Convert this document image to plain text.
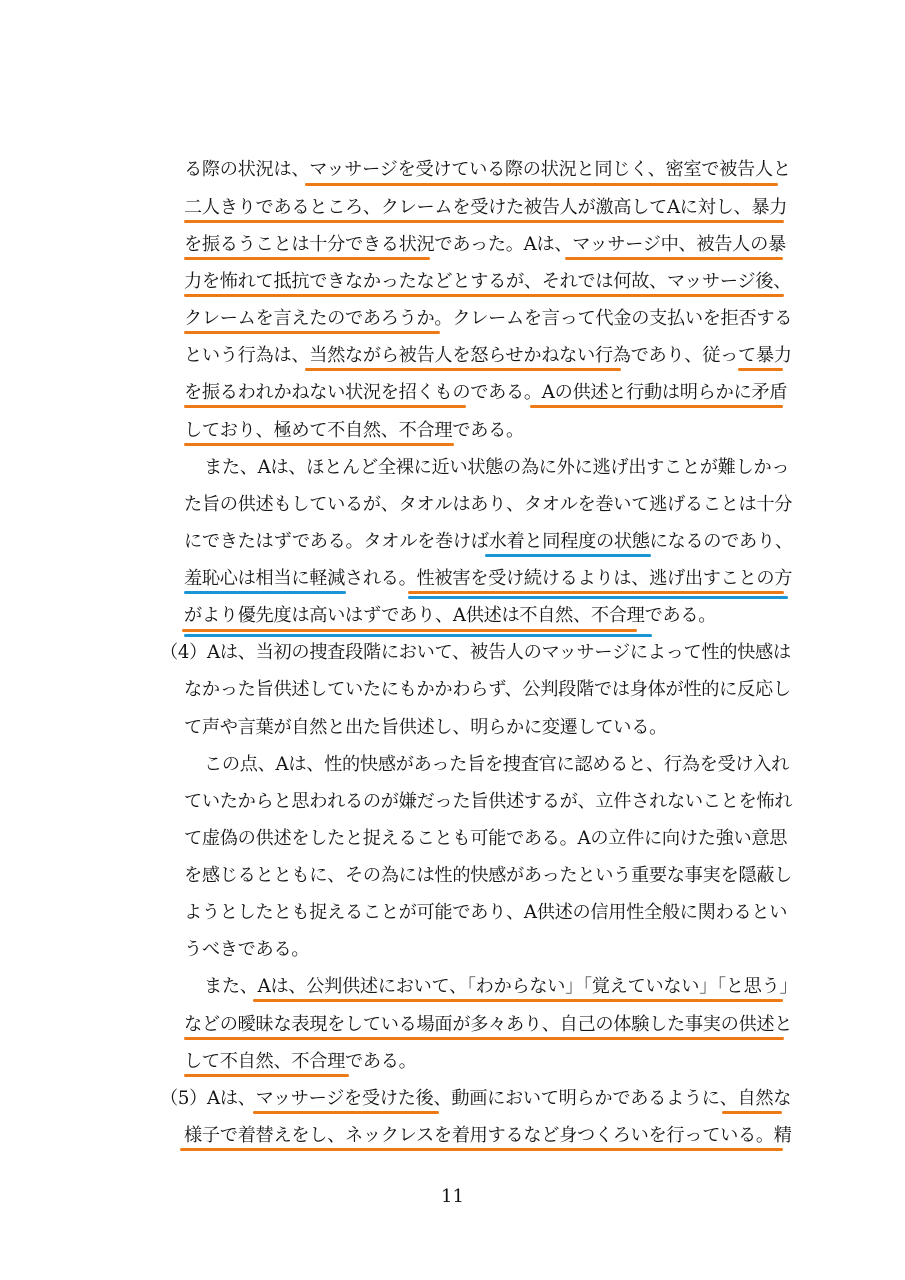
る際の状況は、マッサージを受けている際の状況と同じく、密室で被告人と
二人きりであるところ、クレームを受けた被告人が激高してAに対し、暴力
を振るうことは十分できる状況であった。Aは、マッサージ中、被告人の暴
力を怖れて抵抗できなかったなどとするが、それでは何故、マッサージ後、
クレームを言えたのであろうか。クレームを言って代金の支払いを拒否する
という行為は、当然ながら被告人を怒らせかねない行為であり、従って暴力
を振るわれかねない状況を招くものである。Aの供述と行動は明らかに矛盾
しており、極めて不自然、不合理である。
また、Aは、ほとんど全裸に近い状態の為に外に逃げ出すことが難しかっ
た旨の供述もしているが、タオルはあり、タオルを巻いて逃げることは十分
にできたはずである。タオルを巻けば水着と同程度の状態になるのであり、
羞恥心は相当に軽減される。性被害を受け続けるよりは、逃げ出すことの方
がより優先度は高いはずであり、A供述は不自然、不合理である。
（4）Aは、当初の捜査段階において、被告人のマッサージによって性的快感は
なかった旨供述していたにもかかわらず、公判段階では身体が性的に反応し
て声や言葉が自然と出た旨供述し、明らかに変遷している。
この点、Aは、性的快感があった旨を捜査官に認めると、行為を受け入れ
ていたからと思われるのが嫌だった旨供述するが、立件されないことを怖れ
て虚偽の供述をしたと捉えることも可能である。Aの立件に向けた強い意思
を感じるとともに、その為には性的快感があったという重要な事実を隠蔽し
ようとしたとも捉えることが可能であり、A供述の信用性全般に関わるとい
うべきである。
また、Aは、公判供述において、「わからない」「覚えていない」「と思う」
などの曖昧な表現をしている場面が多々あり、自己の体験した事実の供述と
して不自然、不合理である。
（5）Aは、マッサージを受けた後、動画において明らかであるように、自然な
様子で着替えをし、ネックレスを着用するなど身つくろいを行っている。精
11
